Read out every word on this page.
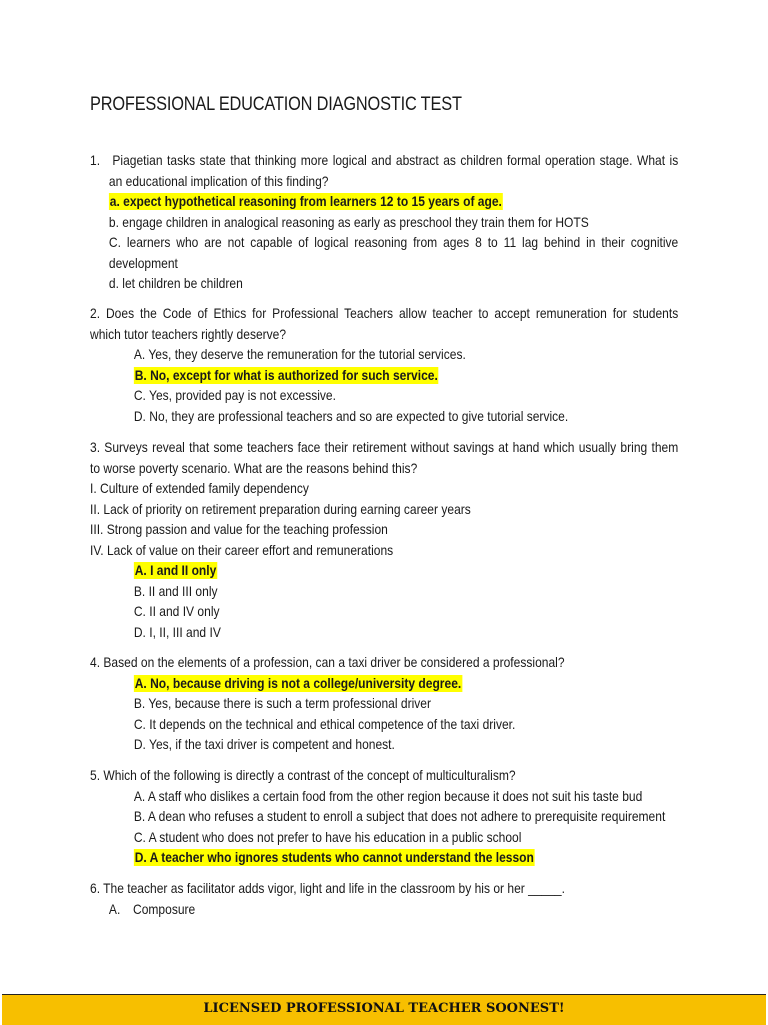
PROFESSIONAL EDUCATION DIAGNOSTIC TEST
1. Piagetian tasks state that thinking more logical and abstract as children formal operation stage. What is
an educational implication of this finding?
a. expect hypothetical reasoning from learners 12 to 15 years of age.
b. engage children in analogical reasoning as early as preschool they train them for HOTS
C. learners who are not capable of logical reasoning from ages 8 to 11 lag behind in their cognitive
development
d. let children be children
2. Does the Code of Ethics for Professional Teachers allow teacher to accept remuneration for students
which tutor teachers rightly deserve?
A. Yes, they deserve the remuneration for the tutorial services.
B. No, except for what is authorized for such service.
C. Yes, provided pay is not excessive.
D. No, they are professional teachers and so are expected to give tutorial service.
3. Surveys reveal that some teachers face their retirement without savings at hand which usually bring them
to worse poverty scenario. What are the reasons behind this?
I. Culture of extended family dependency
II. Lack of priority on retirement preparation during earning career years
III. Strong passion and value for the teaching profession
IV. Lack of value on their career effort and remunerations
A. I and II only
B. II and III only
C. II and IV only
D. I, II, III and IV
4. Based on the elements of a profession, can a taxi driver be considered a professional?
A. No, because driving is not a college/university degree.
B. Yes, because there is such a term professional driver
C. It depends on the technical and ethical competence of the taxi driver.
D. Yes, if the taxi driver is competent and honest.
5. Which of the following is directly a contrast of the concept of multiculturalism?
A. A staff who dislikes a certain food from the other region because it does not suit his taste bud
B. A dean who refuses a student to enroll a subject that does not adhere to prerequisite requirement
C. A student who does not prefer to have his education in a public school
D. A teacher who ignores students who cannot understand the lesson
6. The teacher as facilitator adds vigor, light and life in the classroom by his or her _____.
A. Composure
LICENSED PROFESSIONAL TEACHER SOONEST!
